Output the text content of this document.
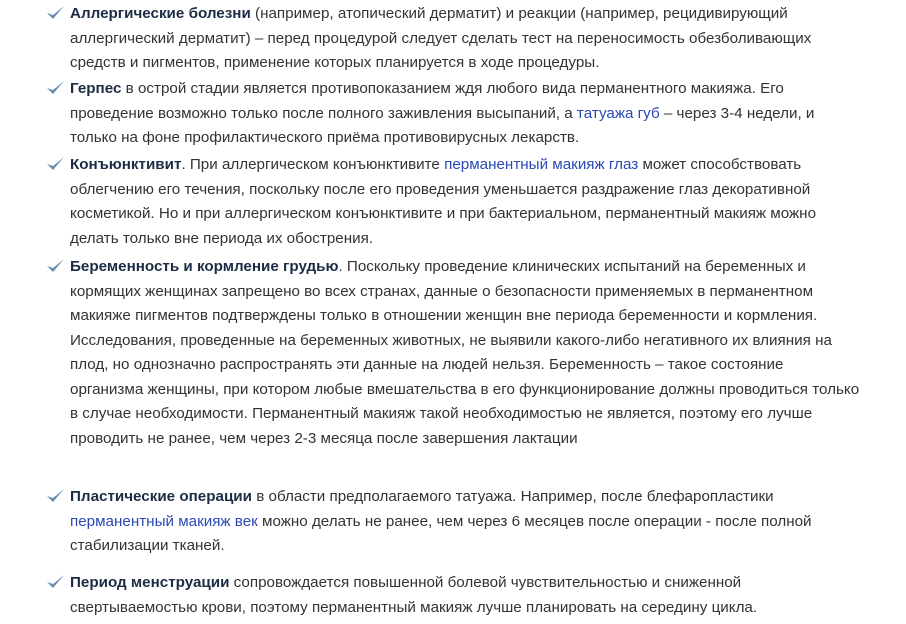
Аллергические болезни (например, атопический дерматит) и реакции (например, рецидивирующий аллергический дерматит) – перед процедурой следует сделать тест на переносимость обезболивающих средств и пигментов, применение которых планируется в ходе процедуры.

Герпес в острой стадии является противопоказанием ждя любого вида перманентного макияжа. Его проведение возможно только после полного заживления высыпаний, а татуажа губ – через 3-4 недели, и только на фоне профилактического приёма противовирусных лекарств.

Конъюнктивит. При аллергическом конъюнктивите перманентный макияж глаз может способствовать облегчению его течения, поскольку после его проведения уменьшается раздражение глаз декоративной косметикой. Но и при аллергическом конъюнктивите и при бактериальном, перманентный макияж можно делать только вне периода их обострения.

Беременность и кормление грудью. Поскольку проведение клинических испытаний на беременных и кормящих женщинах запрещено во всех странах, данные о безопасности применяемых в перманентном макияже пигментов подтверждены только в отношении женщин вне периода беременности и кормления. Исследования, проведенные на беременных животных, не выявили какого-либо негативного их влияния на плод, но однозначно распространять эти данные на людей нельзя. Беременность – такое состояние организма женщины, при котором любые вмешательства в его функционирование должны проводиться только в случае необходимости. Перманентный макияж такой необходимостью не является, поэтому его лучше проводить не ранее, чем через 2-3 месяца после завершения лактации

Пластические операции в области предполагаемого татуажа. Например, после блефаропластики перманентный макияж век можно делать не ранее, чем через 6 месяцев после операции - после полной стабилизации тканей.

Период менструации сопровождается повышенной болевой чувствительностью и сниженной свертываемостью крови, поэтому перманентный макияж лучше планировать на середину цикла.
